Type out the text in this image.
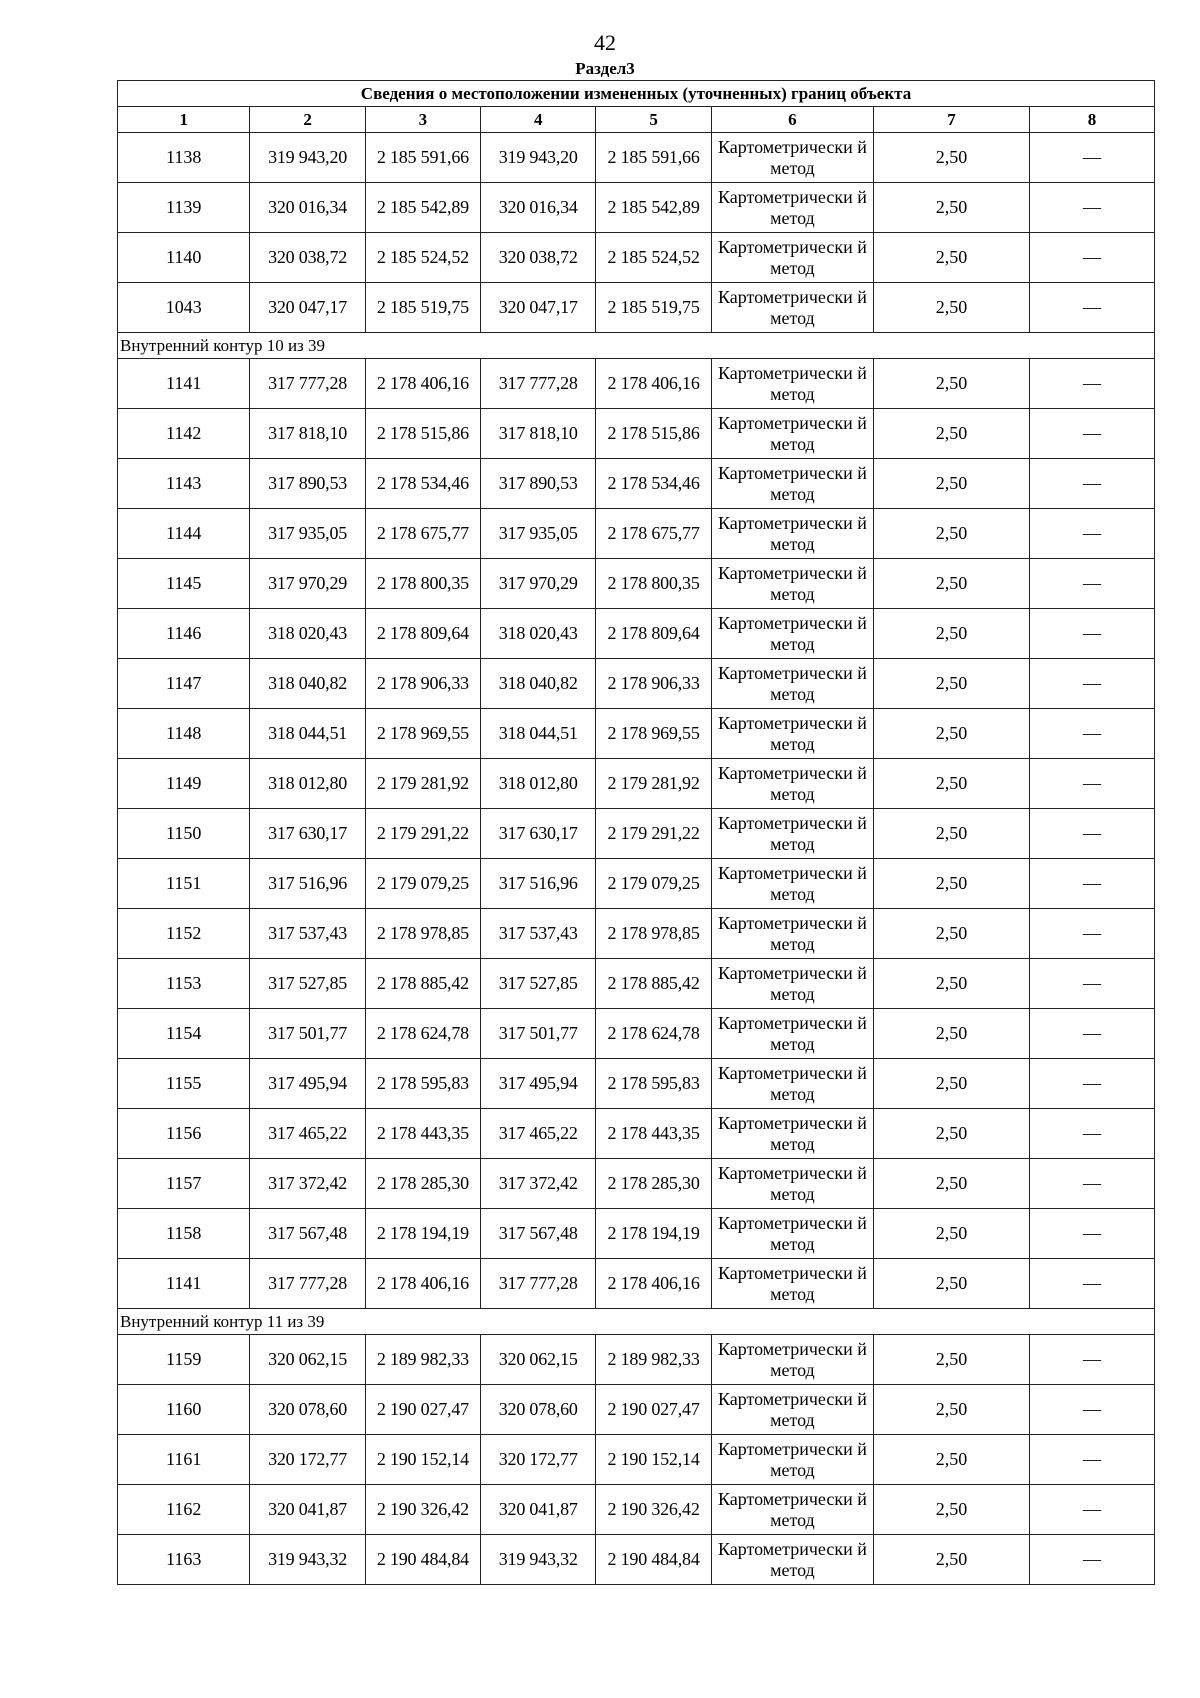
42
Раздел3
Сведения о местоположении измененных (уточненных) границ объекта							
1	2	3	4	5	6	7	8
1138	319 943,20	2 185 591,66	319 943,20	2 185 591,66	Картометрически й метод	2,50	—
1139	320 016,34	2 185 542,89	320 016,34	2 185 542,89	Картометрически й метод	2,50	—
1140	320 038,72	2 185 524,52	320 038,72	2 185 524,52	Картометрически й метод	2,50	—
1043	320 047,17	2 185 519,75	320 047,17	2 185 519,75	Картометрически й метод	2,50	—
Внутренний контур 10 из 39							
1141	317 777,28	2 178 406,16	317 777,28	2 178 406,16	Картометрически й метод	2,50	—
1142	317 818,10	2 178 515,86	317 818,10	2 178 515,86	Картометрически й метод	2,50	—
1143	317 890,53	2 178 534,46	317 890,53	2 178 534,46	Картометрически й метод	2,50	—
1144	317 935,05	2 178 675,77	317 935,05	2 178 675,77	Картометрически й метод	2,50	—
1145	317 970,29	2 178 800,35	317 970,29	2 178 800,35	Картометрически й метод	2,50	—
1146	318 020,43	2 178 809,64	318 020,43	2 178 809,64	Картометрически й метод	2,50	—
1147	318 040,82	2 178 906,33	318 040,82	2 178 906,33	Картометрически й метод	2,50	—
1148	318 044,51	2 178 969,55	318 044,51	2 178 969,55	Картометрически й метод	2,50	—
1149	318 012,80	2 179 281,92	318 012,80	2 179 281,92	Картометрически й метод	2,50	—
1150	317 630,17	2 179 291,22	317 630,17	2 179 291,22	Картометрически й метод	2,50	—
1151	317 516,96	2 179 079,25	317 516,96	2 179 079,25	Картометрически й метод	2,50	—
1152	317 537,43	2 178 978,85	317 537,43	2 178 978,85	Картометрически й метод	2,50	—
1153	317 527,85	2 178 885,42	317 527,85	2 178 885,42	Картометрически й метод	2,50	—
1154	317 501,77	2 178 624,78	317 501,77	2 178 624,78	Картометрически й метод	2,50	—
1155	317 495,94	2 178 595,83	317 495,94	2 178 595,83	Картометрически й метод	2,50	—
1156	317 465,22	2 178 443,35	317 465,22	2 178 443,35	Картометрически й метод	2,50	—
1157	317 372,42	2 178 285,30	317 372,42	2 178 285,30	Картометрически й метод	2,50	—
1158	317 567,48	2 178 194,19	317 567,48	2 178 194,19	Картометрически й метод	2,50	—
1141	317 777,28	2 178 406,16	317 777,28	2 178 406,16	Картометрически й метод	2,50	—
Внутренний контур 11 из 39							
1159	320 062,15	2 189 982,33	320 062,15	2 189 982,33	Картометрически й метод	2,50	—
1160	320 078,60	2 190 027,47	320 078,60	2 190 027,47	Картометрически й метод	2,50	—
1161	320 172,77	2 190 152,14	320 172,77	2 190 152,14	Картометрически й метод	2,50	—
1162	320 041,87	2 190 326,42	320 041,87	2 190 326,42	Картометрически й метод	2,50	—
1163	319 943,32	2 190 484,84	319 943,32	2 190 484,84	Картометрически й метод	2,50	—
